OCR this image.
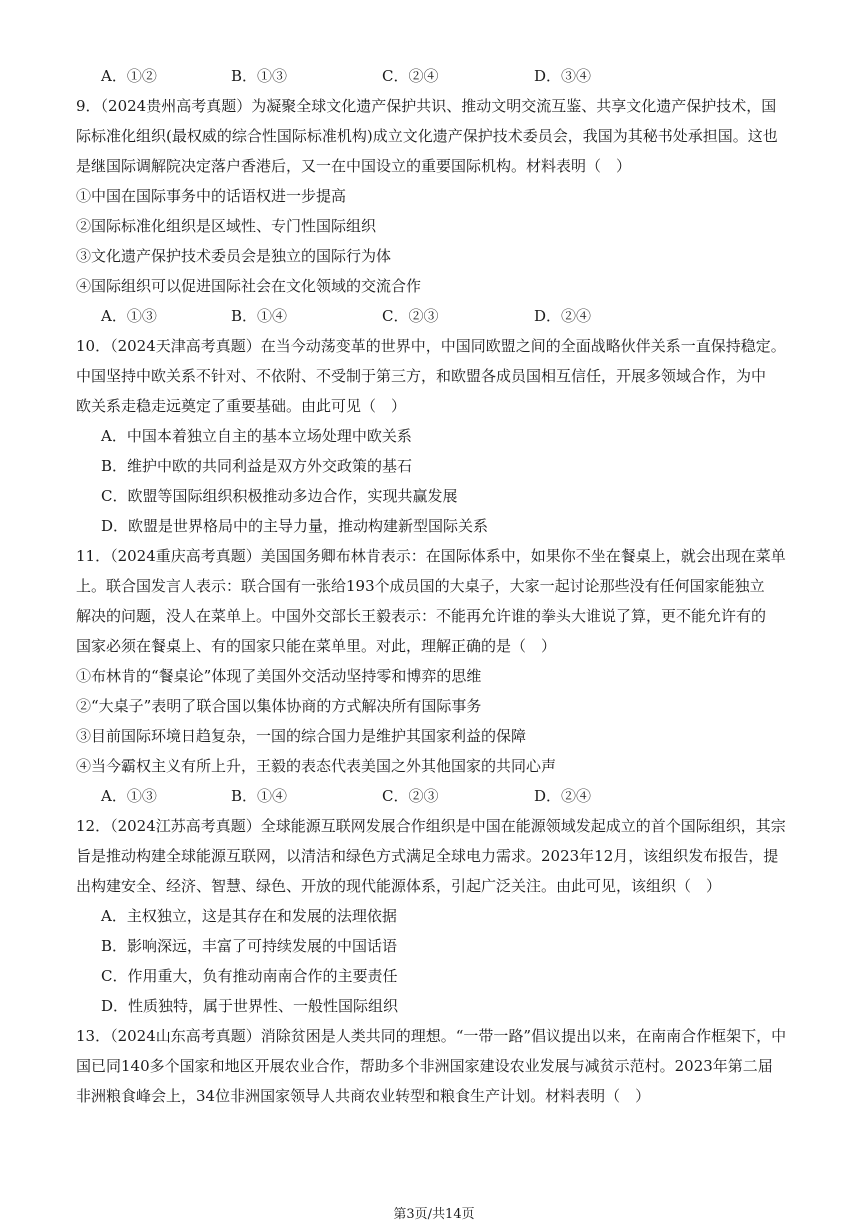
A．①②	B．①③	C．②④	D．③④
9．（2024贵州高考真题）为凝聚全球文化遗产保护共识、推动文明交流互鉴、共享文化遗产保护技术，国
际标准化组织(最权威的综合性国际标准机构)成立文化遗产保护技术委员会，我国为其秘书处承担国。这也
是继国际调解院决定落户香港后，又一在中国设立的重要国际机构。材料表明（　）
①中国在国际事务中的话语权进一步提高
②国际标准化组织是区域性、专门性国际组织
③文化遗产保护技术委员会是独立的国际行为体
④国际组织可以促进国际社会在文化领域的交流合作
A．①③	B．①④	C．②③	D．②④
10．（2024天津高考真题）在当今动荡变革的世界中，中国同欧盟之间的全面战略伙伴关系一直保持稳定。
中国坚持中欧关系不针对、不依附、不受制于第三方，和欧盟各成员国相互信任，开展多领域合作，为中
欧关系走稳走远奠定了重要基础。由此可见（　）
A．中国本着独立自主的基本立场处理中欧关系
B．维护中欧的共同利益是双方外交政策的基石
C．欧盟等国际组织积极推动多边合作，实现共赢发展
D．欧盟是世界格局中的主导力量，推动构建新型国际关系
11．（2024重庆高考真题）美国国务卿布林肯表示：在国际体系中，如果你不坐在餐桌上，就会出现在菜单
上。联合国发言人表示：联合国有一张给193个成员国的大桌子，大家一起讨论那些没有任何国家能独立
解决的问题，没人在菜单上。中国外交部长王毅表示：不能再允许谁的拳头大谁说了算，更不能允许有的
国家必须在餐桌上、有的国家只能在菜单里。对此，理解正确的是（　）
①布林肯的“餐桌论”体现了美国外交活动坚持零和博弈的思维
②“大桌子”表明了联合国以集体协商的方式解决所有国际事务
③目前国际环境日趋复杂，一国的综合国力是维护其国家利益的保障
④当今霸权主义有所上升，王毅的表态代表美国之外其他国家的共同心声
A．①③	B．①④	C．②③	D．②④
12．（2024江苏高考真题）全球能源互联网发展合作组织是中国在能源领域发起成立的首个国际组织，其宗
旨是推动构建全球能源互联网，以清洁和绿色方式满足全球电力需求。2023年12月，该组织发布报告，提
出构建安全、经济、智慧、绿色、开放的现代能源体系，引起广泛关注。由此可见，该组织（　）
A．主权独立，这是其存在和发展的法理依据
B．影响深远，丰富了可持续发展的中国话语
C．作用重大，负有推动南南合作的主要责任
D．性质独特，属于世界性、一般性国际组织
13．（2024山东高考真题）消除贫困是人类共同的理想。“一带一路”倡议提出以来，在南南合作框架下，中
国已同140多个国家和地区开展农业合作，帮助多个非洲国家建设农业发展与减贫示范村。2023年第二届
非洲粮食峰会上，34位非洲国家领导人共商农业转型和粮食生产计划。材料表明（　）
第3页/共14页
